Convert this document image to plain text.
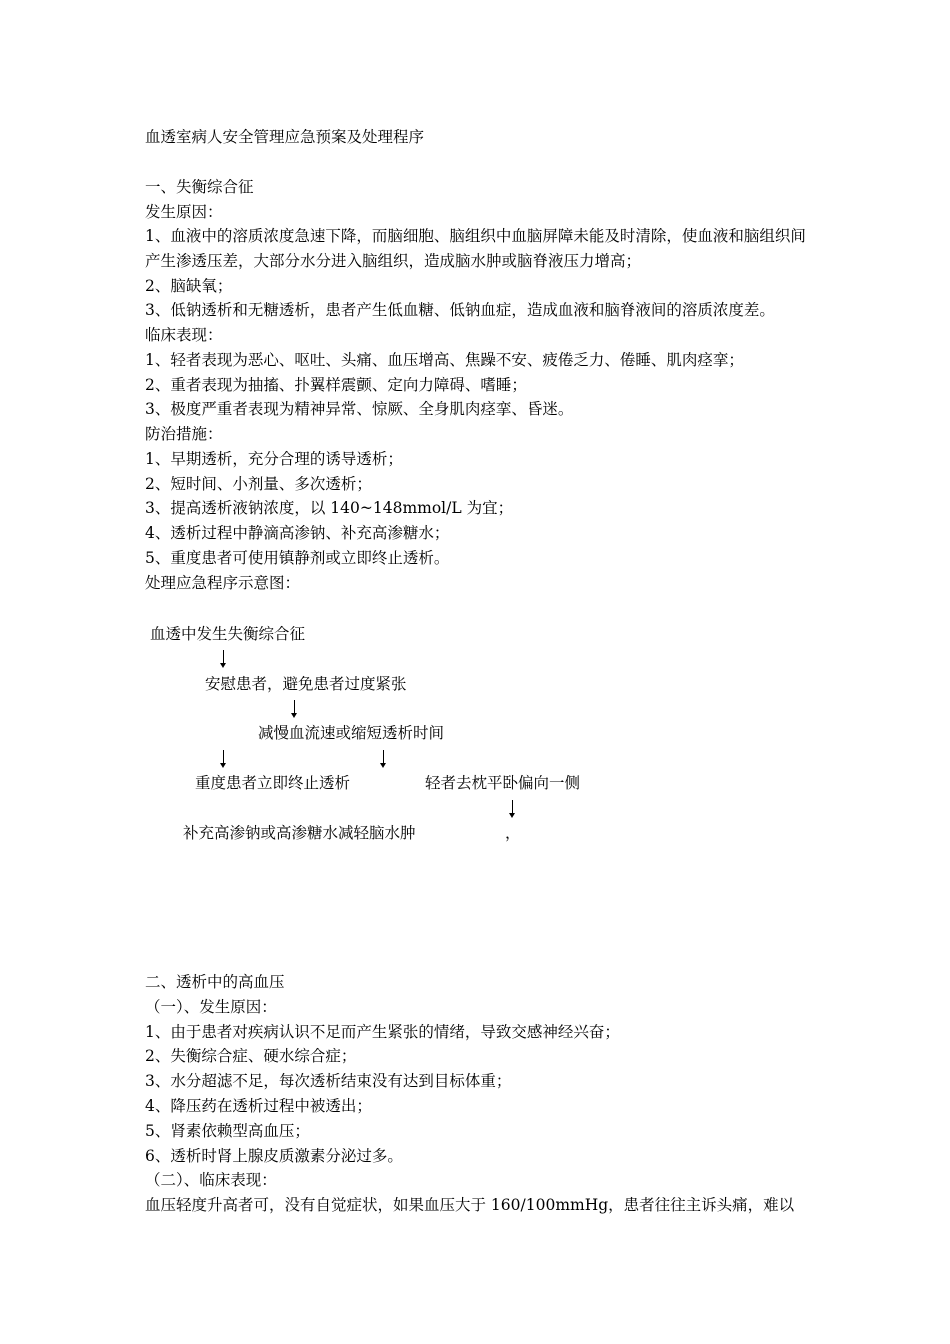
血透室病人安全管理应急预案及处理程序
一、失衡综合征
发生原因：
1、血液中的溶质浓度急速下降，而脑细胞、脑组织中血脑屏障未能及时清除，使血液和脑组织间产生渗透压差，大部分水分进入脑组织，造成脑水肿或脑脊液压力增高；
2、脑缺氧；
3、低钠透析和无糖透析，患者产生低血糖、低钠血症，造成血液和脑脊液间的溶质浓度差。
临床表现：
1、轻者表现为恶心、呕吐、头痛、血压增高、焦躁不安、疲倦乏力、倦睡、肌肉痉挛；
2、重者表现为抽搐、扑翼样震颤、定向力障碍、嗜睡；
3、极度严重者表现为精神异常、惊厥、全身肌肉痉挛、昏迷。
防治措施：
1、早期透析，充分合理的诱导透析；
2、短时间、小剂量、多次透析；
3、提高透析液钠浓度，以 140~148mmol/L 为宜；
4、透析过程中静滴高渗钠、补充高渗糖水；
5、重度患者可使用镇静剂或立即终止透析。
处理应急程序示意图：
血透中发生失衡综合征
安慰患者，避免患者过度紧张
减慢血流速或缩短透析时间
重度患者立即终止透析	轻者去枕平卧偏向一侧
补充高渗钠或高渗糖水减轻脑水肿	，
二、透析中的高血压
（一）、发生原因：
1、由于患者对疾病认识不足而产生紧张的情绪，导致交感神经兴奋；
2、失衡综合症、硬水综合症；
3、水分超滤不足，每次透析结束没有达到目标体重；
4、降压药在透析过程中被透出；
5、肾素依赖型高血压；
6、透析时肾上腺皮质激素分泌过多。
（二）、临床表现：
血压轻度升高者可，没有自觉症状，如果血压大于 160/100mmHg，患者往往主诉头痛，难以
